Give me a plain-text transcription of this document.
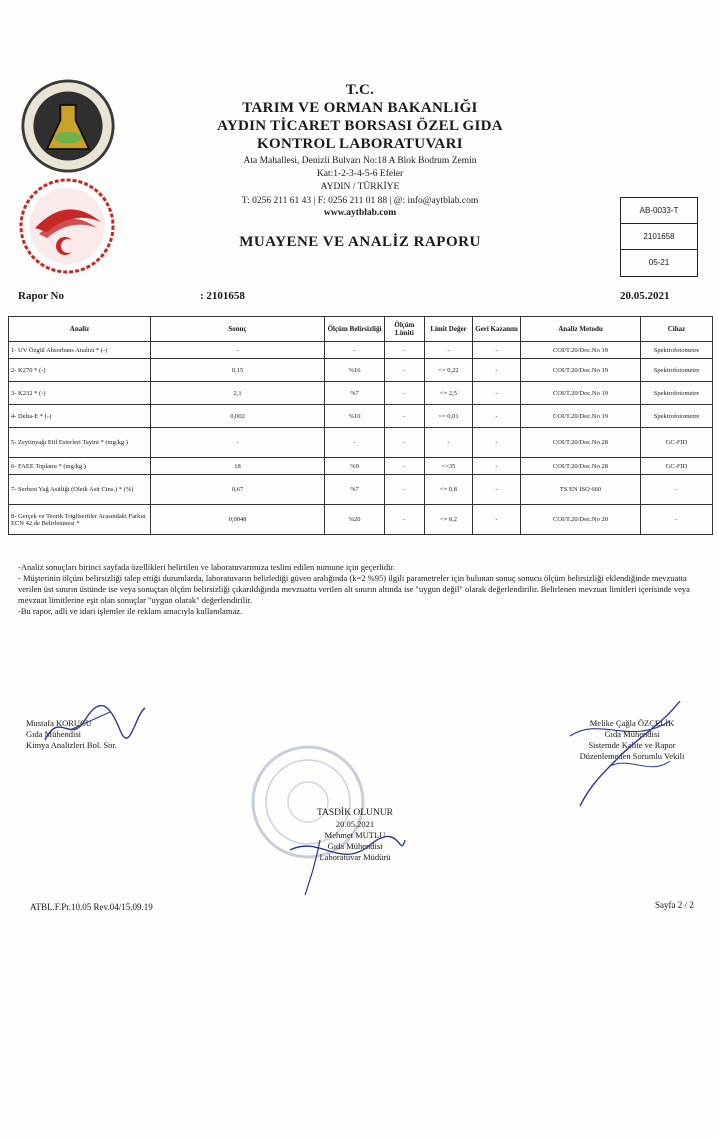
T.C.
TARIM VE ORMAN BAKANLIĞI
AYDIN TİCARET BORSASI ÖZEL GIDA
KONTROL LABORATUVARI
Ata Mahallesi, Denizli Bulvarı No:18 A Blok Bodrum Zemin
Kat:1-2-3-4-5-6 Efeler
AYDIN / TÜRKİYE
T: 0256 211 61 43 | F: 0256 211 01 88 | @: info@aytblab.com
www.aytblab.com
MUAYENE VE ANALİZ RAPORU
AB-0033-T
2101658
05-21
Rapor No	: 2101658	20.05.2021
Analiz	Sonuç	Ölçüm Belirsizliği	Ölçüm Limiti	Limit Değer	Geri Kazanım	Analiz Metodu	Cihaz
1- UV Özgül Absorbans Analizi * (-)	-	-	-	-	-	COI/T.20/Doc.No 19	Spektrofotometre
2- K270 * (-)	0,15	%16	-	<= 0,22	-	COI/T.20/Doc.No 19	Spektrofotometre
3- K232 * (-)	2,1	%7	-	<= 2,5	-	COI/T.20/Doc.No 19	Spektrofotometre
4- Delta-E * (-)	0,002	%10	-	<= 0,01	-	COI/T.20/Doc.No 19	Spektrofotometre
5- Zeytinyağı Etil Esterleri Tayini * (mg/kg )	-	-	-	-	-	COI/T.20/Doc.No 28	GC-FID
6- FAEE Toplamı * (mg/kg )	18	%9	-	<=35	-	COI/T.20/Doc.No 28	GC-FID
7- Serbest Yağ Asitliği (Oleik Asit Cins.) * (%)	0,67	%7	-	<= 0,8	-	TS EN ISO 660	-
8- Gerçek ve Teorik Trigliseritler Arasındaki Farkın ECN 42 de Belirlenmesi *	0,0048	%20	-	<= 0,2	-	COI/T.20/Doc.No 20	-

-Analiz sonuçları birinci sayfada özellikleri belirtilen ve laboratuvarımıza teslim edilen numune için geçerlidir.

- Müşterinin ölçüm belirsizliği talep ettiği durumlarda, laboratuvarın belirlediği güven aralığında (k=2 %95) ilgili parametreler için bulunan sonuç sonucu ölçüm belirsizliği eklendiğinde mevzuatta verilen üst sınırın üstünde ise veya sonuçtan ölçüm belirsizliği çıkarıldığında mevzuatta verilen alt sınırın altında ise "uygun değil" olarak değerlendirilir. Belirlenen mevzuat limitleri içerisinde veya mevzuat limitlerine eşit olan sonuçlar "uygun olarak" değerlendirilir.

-Bu rapor, adli ve idari işlemler ile reklam amacıyla kullanılamaz.

Mustafa KORUCU
Gıda Mühendisi
Kimya Analizleri Bol. Sor.
Melike Çağla ÖZÇELİK
Gıda Mühendisi
Sistemde Kalite ve Rapor
Düzenlemeden Sorumlu Vekili
TASDİK OLUNUR
20.05.2021
Mehmet MUTLU
Gıda Mühendisi
Laboratuvar Müdürü
ATBL.F.Pr.10.05 Rev.04/15.09.19	Sayfa 2 / 2
